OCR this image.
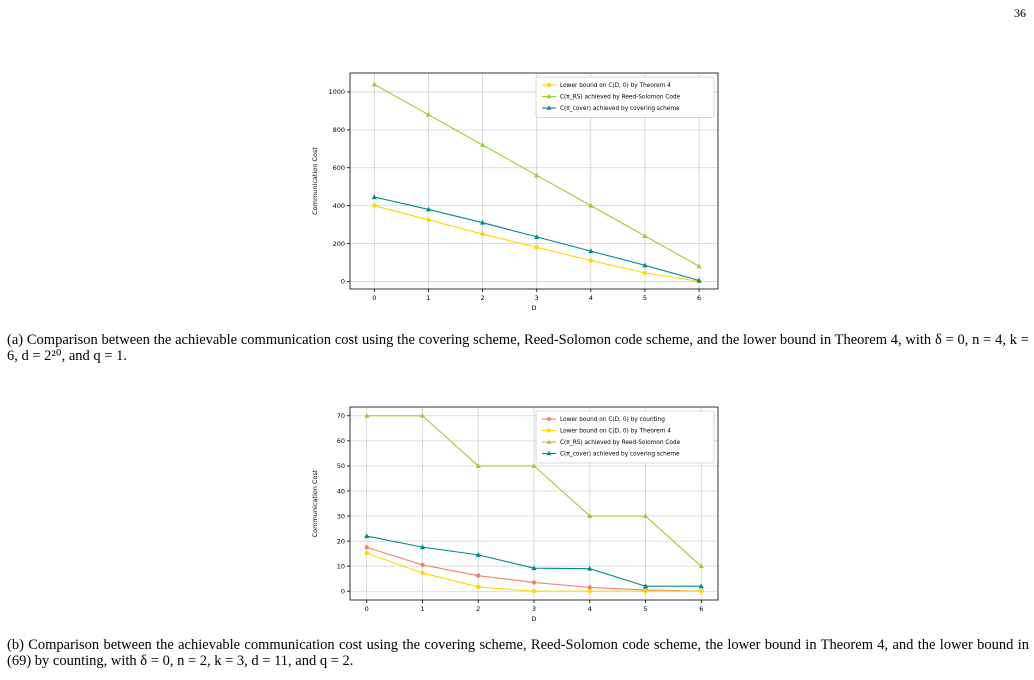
36
0	1	2	3	4	5	6
0
200
400
600
800
1000
D
Communication Cost
Lower bound on C(D, 0) by Theorem 4
C(π_RS) achieved by Reed-Solomon Code
C(π_cover) achieved by covering scheme
(a) Comparison between the achievable communication cost using the covering scheme, Reed-Solomon code scheme, and the lower bound in Theorem 4, with δ = 0, n = 4, k = 6, d = 2²⁰, and q = 1.
0	1	2	3	4	5	6
0
10
20
30
40
50
60
70
D
Communication Cost
Lower bound on C(D, 0) by counting
Lower bound on C(D, 0) by Theorem 4
C(π_RS) achieved by Reed-Solomon Code
C(π_cover) achieved by covering scheme
(b) Comparison between the achievable communication cost using the covering scheme, Reed-Solomon code scheme, the lower bound in Theorem 4, and the lower bound in (69) by counting, with δ = 0, n = 2, k = 3, d = 11, and q = 2.
